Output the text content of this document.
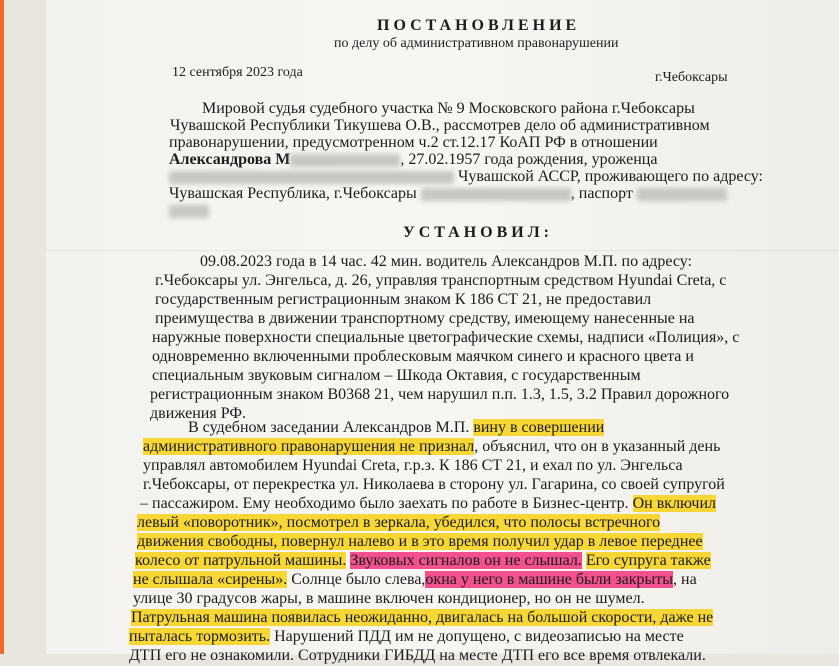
ПОСТАНОВЛЕНИЕ
по делу об административном правонарушении
12 сентября 2023 года	г.Чебоксары
Мировой судья судебного участка № 9 Московского района г.Чебоксары
Чувашской Республики Тикушева О.В., рассмотрев дело об административном
правонарушении, предусмотренном ч.2 ст.12.17 КоАП РФ в отношении
Александрова М	, 27.02.1957 года рождения, уроженца
Чувашской АССР, проживающего по адресу:
Чувашская Республика, г.Чебоксары	, паспорт
УСТАНОВИЛ:
09.08.2023 года в 14 час. 42 мин. водитель Александров М.П. по адресу:
г.Чебоксары ул. Энгельса, д. 26, управляя транспортным средством Hyundai Creta, с
государственным регистрационным знаком К 186 СТ 21, не предоставил
преимущества в движении транспортному средству, имеющему нанесенные на
наружные поверхности специальные цветографические схемы, надписи «Полиция», с
одновременно включенными проблесковым маячком синего и красного цвета и
специальным звуковым сигналом – Шкода Октавия, с государственным
регистрационным знаком В0368 21, чем нарушил п.п. 1.3, 1.5, 3.2 Правил дорожного
движения РФ.
В судебном заседании Александров М.П. вину в совершении
административного правонарушения не признал, объяснил, что он в указанный день
управлял автомобилем Hyundai Creta, г.р.з. К 186 СТ 21, и ехал по ул. Энгельса
г.Чебоксары, от перекрестка ул. Николаева в сторону ул. Гагарина, со своей супругой
– пассажиром. Ему необходимо было заехать по работе в Бизнес-центр. Он включил
левый «поворотник», посмотрел в зеркала, убедился, что полосы встречного
движения свободны, повернул налево и в это время получил удар в левое переднее
колесо от патрульной машины. Звуковых сигналов он не слышал. Его супруга также
не слышала «сирены». Солнце было слева,окна у него в машине были закрыты, на
улице 30 градусов жары, в машине включен кондиционер, но он не шумел.
Патрульная машина появилась неожиданно, двигалась на большой скорости, даже не
пыталась тормозить. Нарушений ПДД им не допущено, с видеозаписью на месте
ДТП его не ознакомили. Сотрудники ГИБДД на месте ДТП его все время отвлекали.
